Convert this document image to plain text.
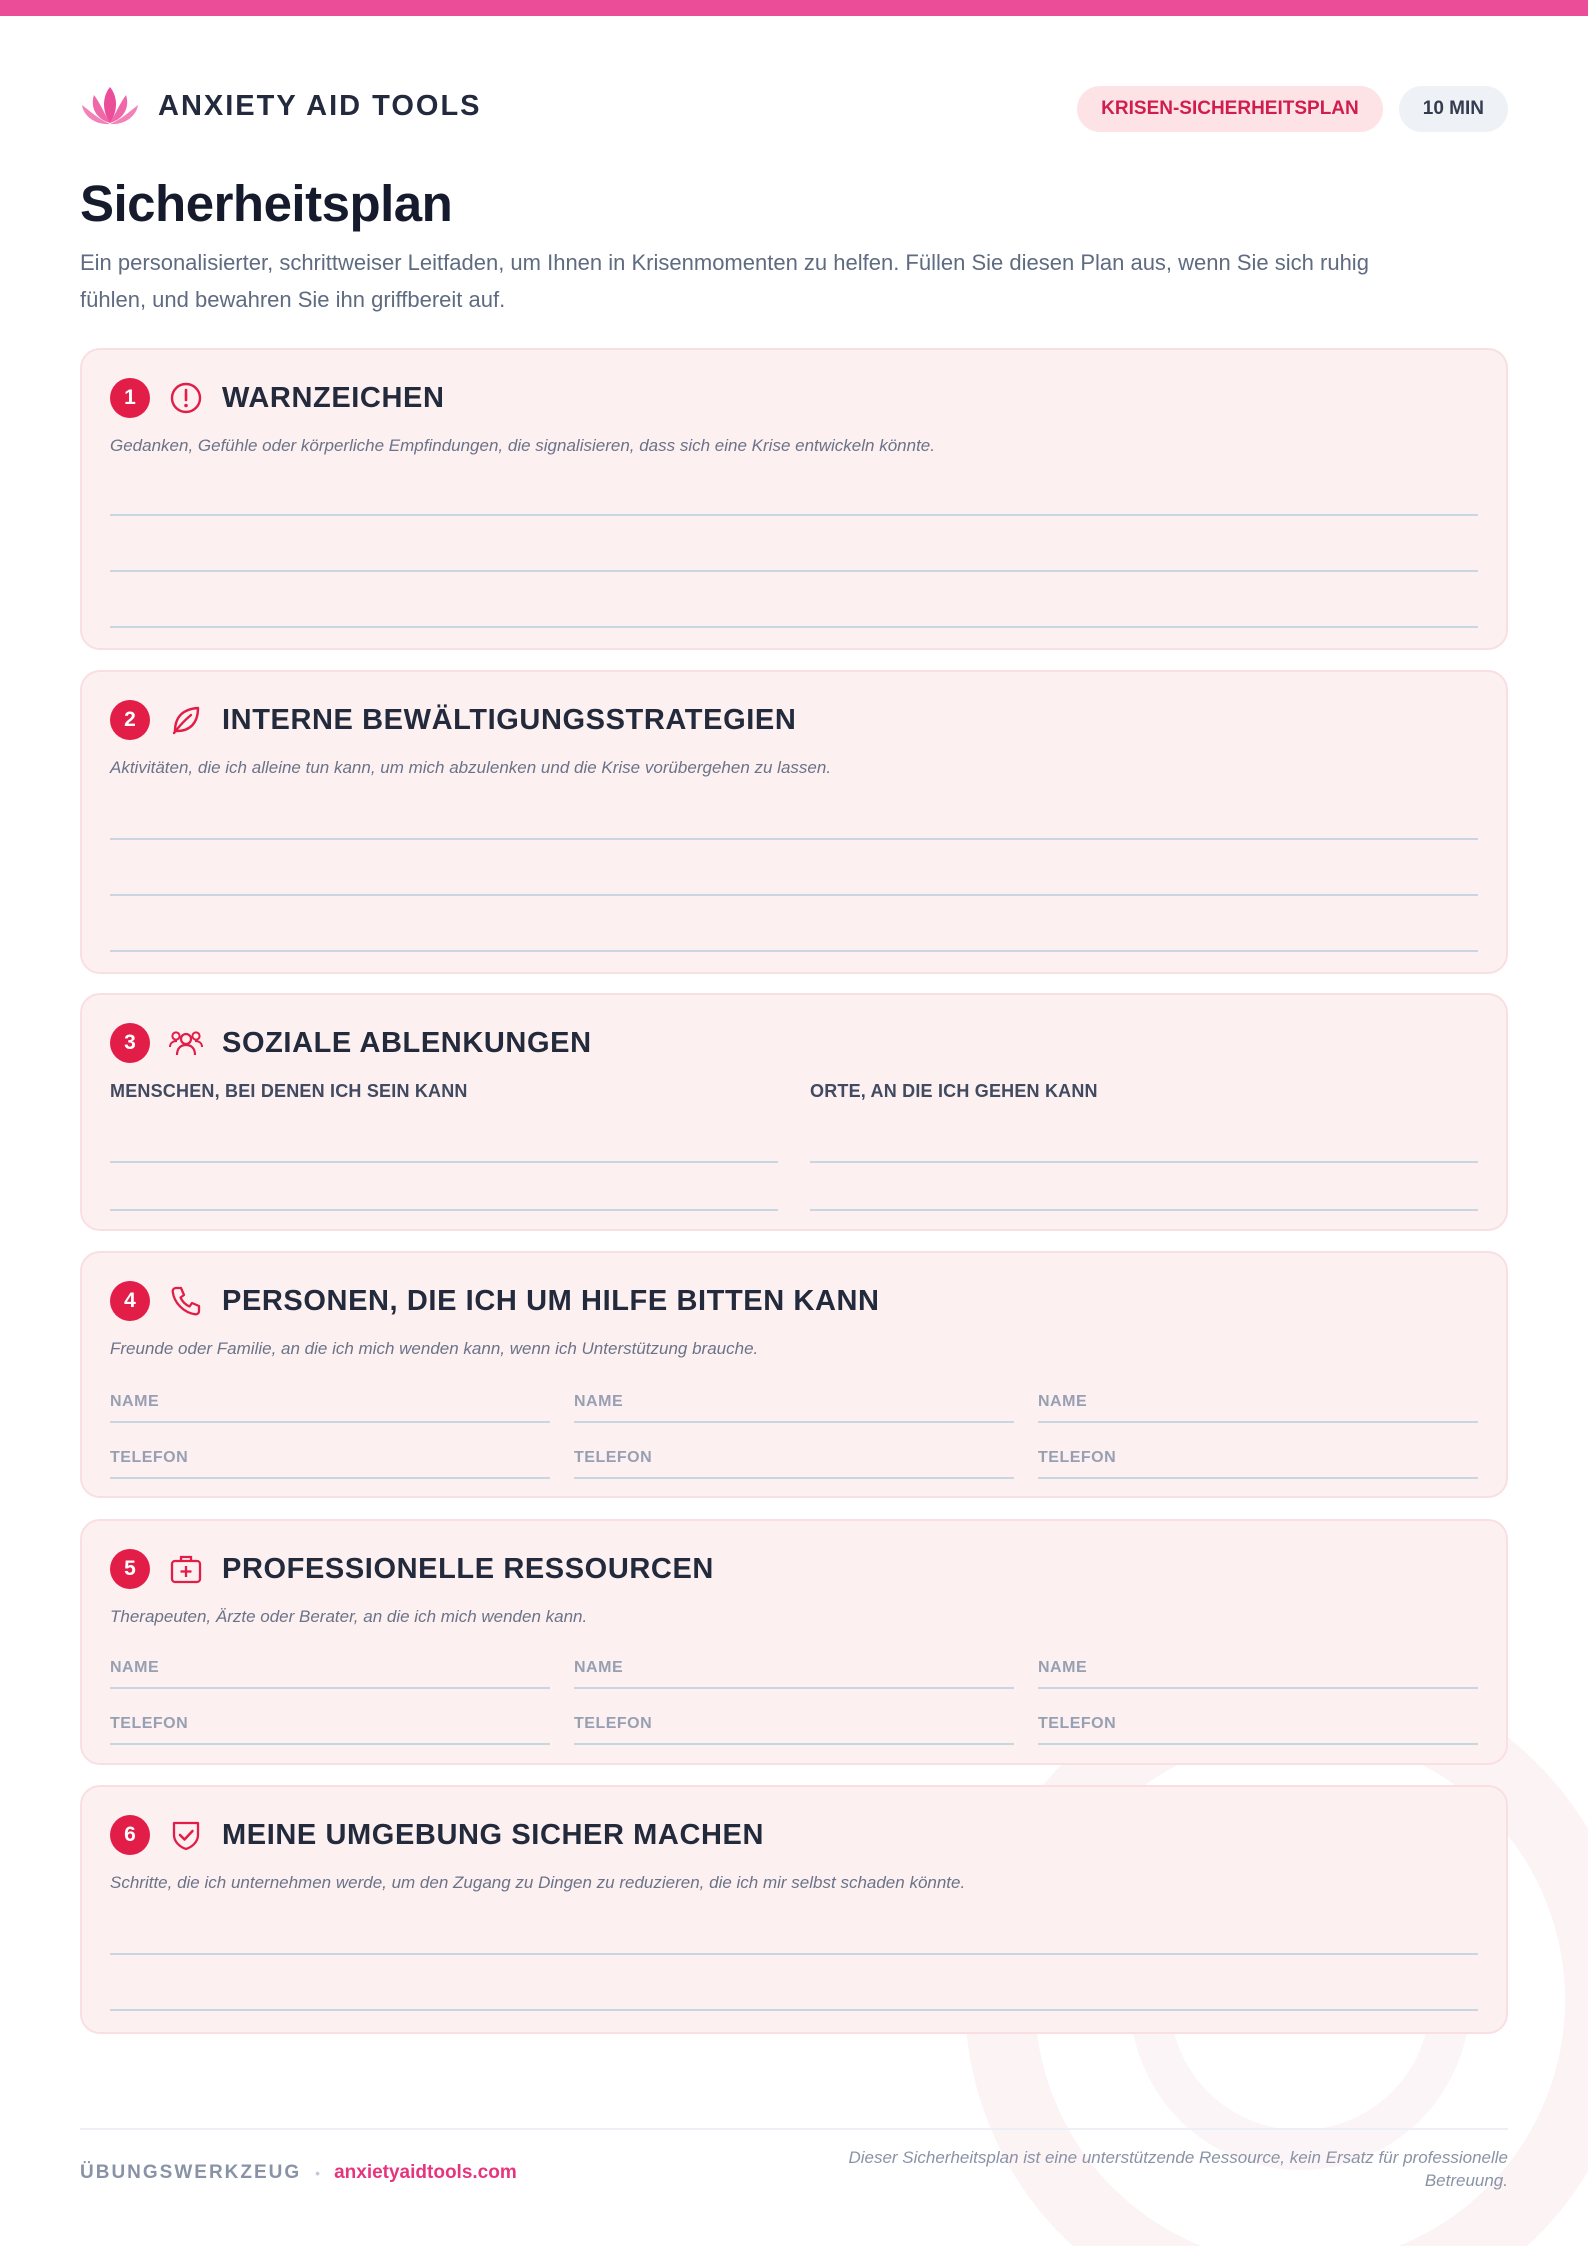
ANXIETY AID TOOLS	KRISEN-SICHERHEITSPLAN	10 MIN
Sicherheitsplan

Ein personalisierter, schrittweiser Leitfaden, um Ihnen in Krisenmomenten zu helfen. Füllen Sie diesen Plan aus, wenn Sie sich ruhig fühlen, und bewahren Sie ihn griffbereit auf.

1	WARNZEICHEN
Gedanken, Gefühle oder körperliche Empfindungen, die signalisieren, dass sich eine Krise entwickeln könnte.
2	INTERNE BEWÄLTIGUNGSSTRATEGIEN
Aktivitäten, die ich alleine tun kann, um mich abzulenken und die Krise vorübergehen zu lassen.
3	SOZIALE ABLENKUNGEN
MENSCHEN, BEI DENEN ICH SEIN KANN	ORTE, AN DIE ICH GEHEN KANN
4	PERSONEN, DIE ICH UM HILFE BITTEN KANN
Freunde oder Familie, an die ich mich wenden kann, wenn ich Unterstützung brauche.
NAME	NAME	NAME
TELEFON	TELEFON	TELEFON
5	PROFESSIONELLE RESSOURCEN
Therapeuten, Ärzte oder Berater, an die ich mich wenden kann.
NAME	NAME	NAME
TELEFON	TELEFON	TELEFON
6	MEINE UMGEBUNG SICHER MACHEN
Schritte, die ich unternehmen werde, um den Zugang zu Dingen zu reduzieren, die ich mir selbst schaden könnte.
ÜBUNGSWERKZEUG • anxietyaidtools.com
Dieser Sicherheitsplan ist eine unterstützende Ressource, kein Ersatz für professionelle Betreuung.
